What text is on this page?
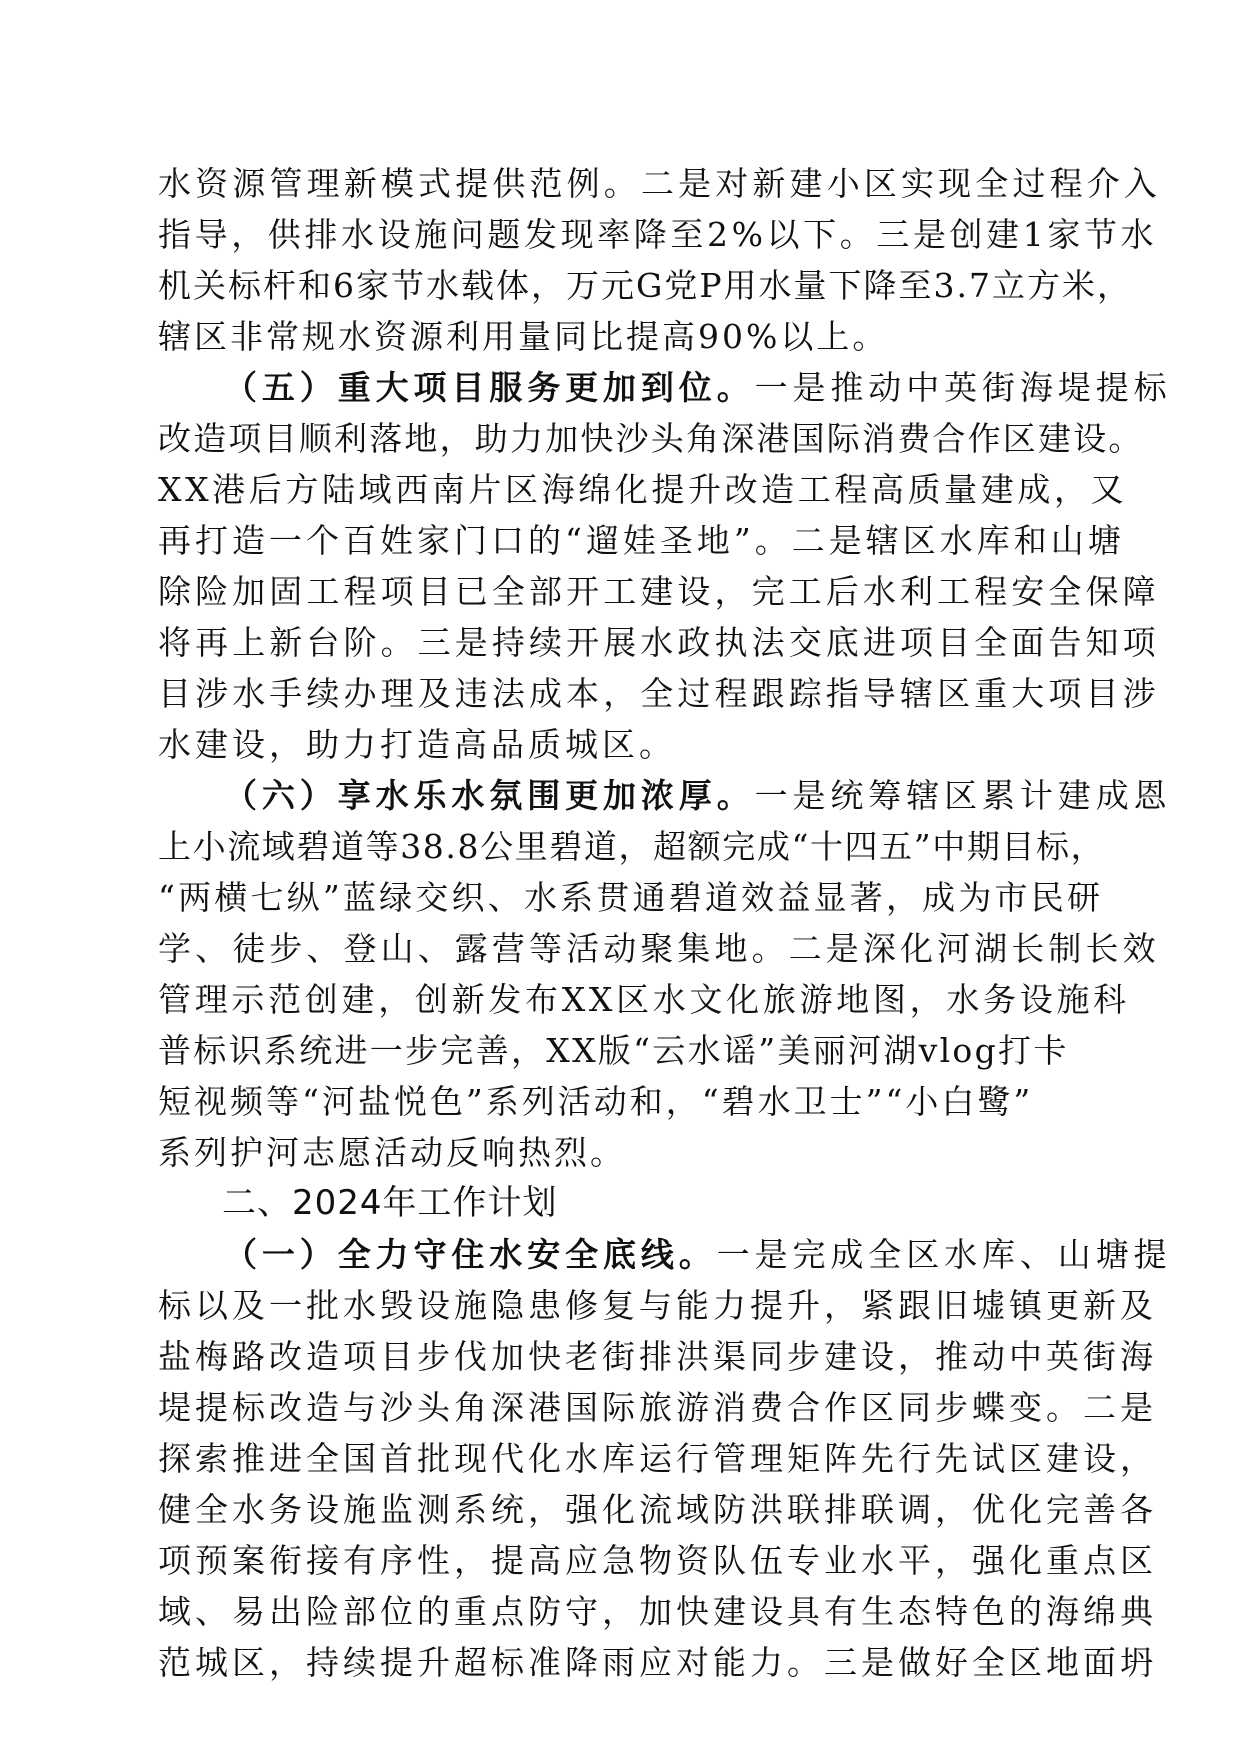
水资源管理新模式提供范例。二是对新建小区实现全过程介入
指导，供排水设施问题发现率降至2%以下。三是创建1家节水
机关标杆和6家节水载体，万元G党P用水量下降至3.7立方米，
辖区非常规水资源利用量同比提高90%以上。
（五）重大项目服务更加到位。一是推动中英街海堤提标
改造项目顺利落地，助力加快沙头角深港国际消费合作区建设。
XX港后方陆域西南片区海绵化提升改造工程高质量建成，又
再打造一个百姓家门口的“遛娃圣地”。二是辖区水库和山塘
除险加固工程项目已全部开工建设，完工后水利工程安全保障
将再上新台阶。三是持续开展水政执法交底进项目全面告知项
目涉水手续办理及违法成本，全过程跟踪指导辖区重大项目涉
水建设，助力打造高品质城区。
（六）享水乐水氛围更加浓厚。一是统筹辖区累计建成恩
上小流域碧道等38.8公里碧道，超额完成“十四五”中期目标，
“两横七纵”蓝绿交织、水系贯通碧道效益显著，成为市民研
学、徒步、登山、露营等活动聚集地。二是深化河湖长制长效
管理示范创建，创新发布XX区水文化旅游地图，水务设施科
普标识系统进一步完善，XX版“云水谣”美丽河湖vlog打卡
短视频等“河盐悦色”系列活动和，“碧水卫士”“小白鹭”
系列护河志愿活动反响热烈。
二、2024年工作计划
（一）全力守住水安全底线。一是完成全区水库、山塘提
标以及一批水毁设施隐患修复与能力提升，紧跟旧墟镇更新及
盐梅路改造项目步伐加快老街排洪渠同步建设，推动中英街海
堤提标改造与沙头角深港国际旅游消费合作区同步蝶变。二是
探索推进全国首批现代化水库运行管理矩阵先行先试区建设，
健全水务设施监测系统，强化流域防洪联排联调，优化完善各
项预案衔接有序性，提高应急物资队伍专业水平，强化重点区
域、易出险部位的重点防守，加快建设具有生态特色的海绵典
范城区，持续提升超标准降雨应对能力。三是做好全区地面坍
